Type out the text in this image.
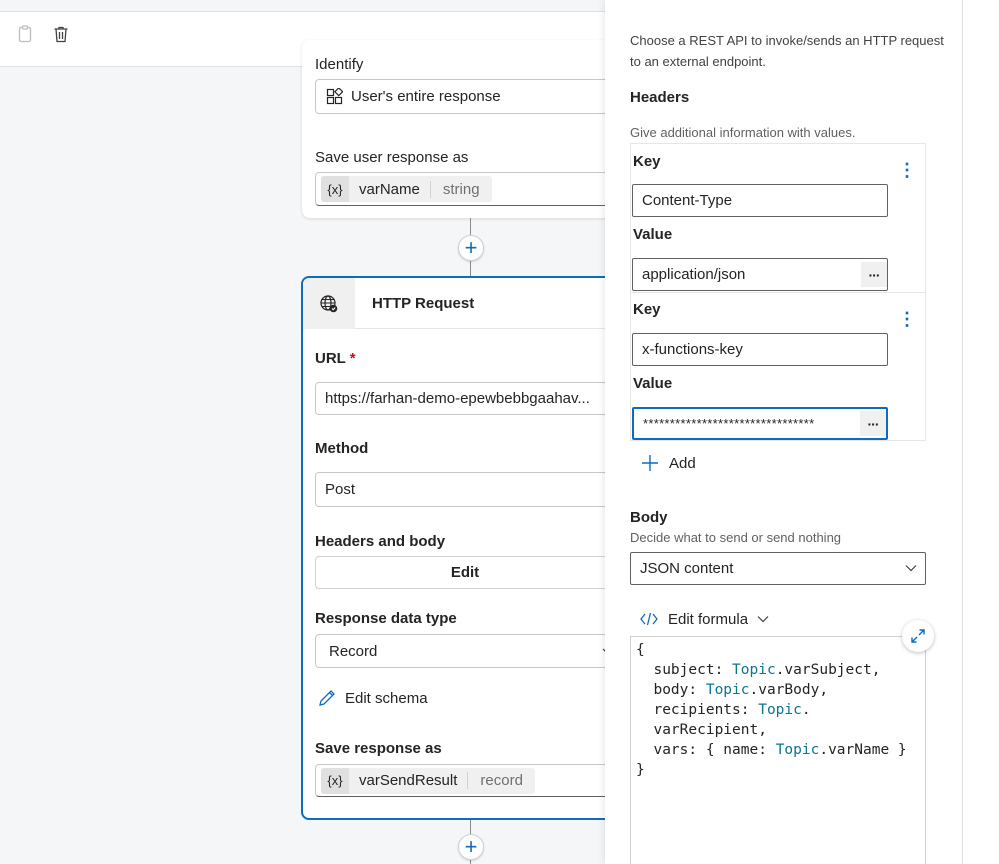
Identify
User's entire response
Save user response as
{x}	varName	string
+
HTTP Request
URL *
https://farhan-demo-epewbebbgaahav...
Method
Post
Headers and body
Edit
Response data type
Record
Edit schema
Save response as
{x}	varSendResult	record
+
Choose a REST API to invoke/sends an HTTP request
to an external endpoint.
Headers
Give additional information with values.
Key	⋮
Content-Type
Value
application/json	···
Key	⋮
x-functions-key
Value
********************************	···
Add
Body
Decide what to send or send nothing
JSON content
Edit formula
{
subject: Topic.varSubject,
body: Topic.varBody,
recipients: Topic.
varRecipient,
vars: { name: Topic.varName }
}
